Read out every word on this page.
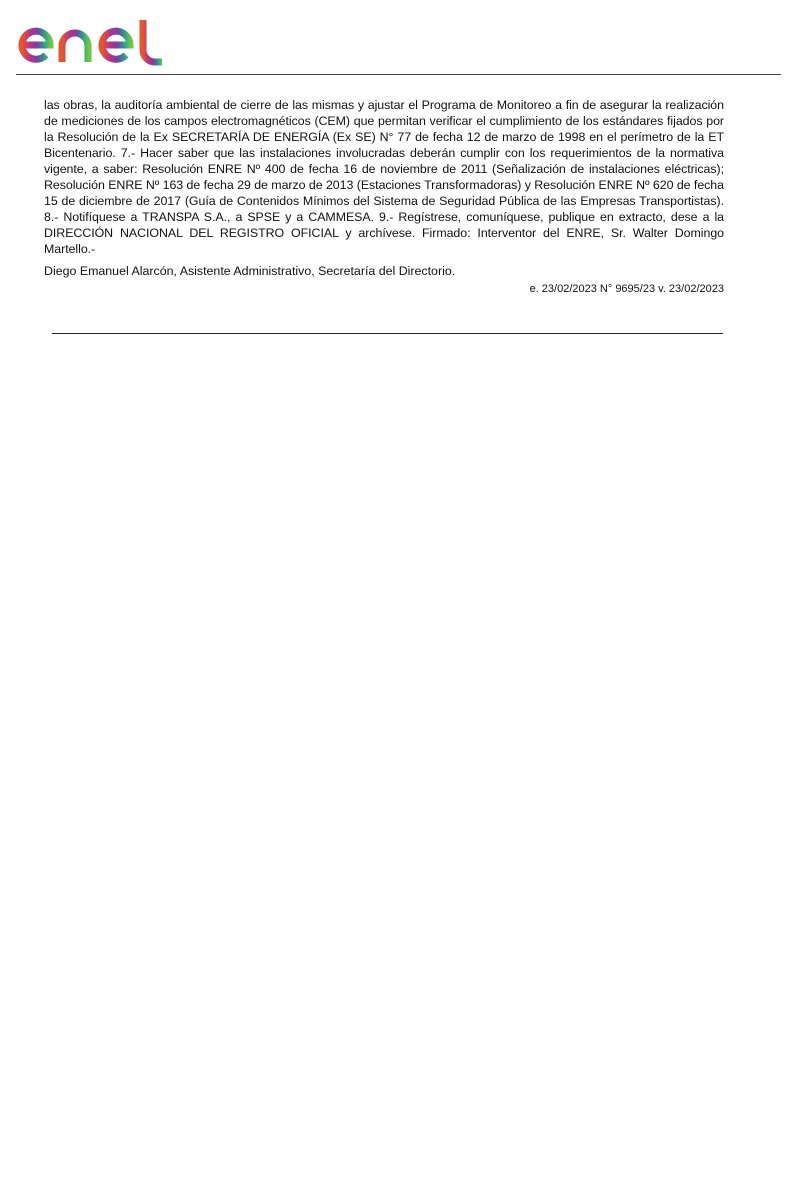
las obras, la auditoría ambiental de cierre de las mismas y ajustar el Programa de Monitoreo a fin de asegurar la realización de mediciones de los campos electromagnéticos (CEM) que permitan verificar el cumplimiento de los estándares fijados por la Resolución de la Ex SECRETARÍA DE ENERGÍA (Ex SE) N° 77 de fecha 12 de marzo de 1998 en el perímetro de la ET Bicentenario. 7.- Hacer saber que las instalaciones involucradas deberán cumplir con los requerimientos de la normativa vigente, a saber: Resolución ENRE Nº 400 de fecha 16 de noviembre de 2011 (Señalización de instalaciones eléctricas); Resolución ENRE Nº 163 de fecha 29 de marzo de 2013 (Estaciones Transformadoras) y Resolución ENRE Nº 620 de fecha 15 de diciembre de 2017 (Guía de Contenidos Mínimos del Sistema de Seguridad Pública de las Empresas Transportistas). 8.- Notifíquese a TRANSPA S.A., a SPSE y a CAMMESA. 9.- Regístrese, comuníquese, publique en extracto, dese a la DIRECCIÓN NACIONAL DEL REGISTRO OFICIAL y archívese. Firmado: Interventor del ENRE, Sr. Walter Domingo Martello.-

Diego Emanuel Alarcón, Asistente Administrativo, Secretaría del Directorio.

e. 23/02/2023 N° 9695/23 v. 23/02/2023
